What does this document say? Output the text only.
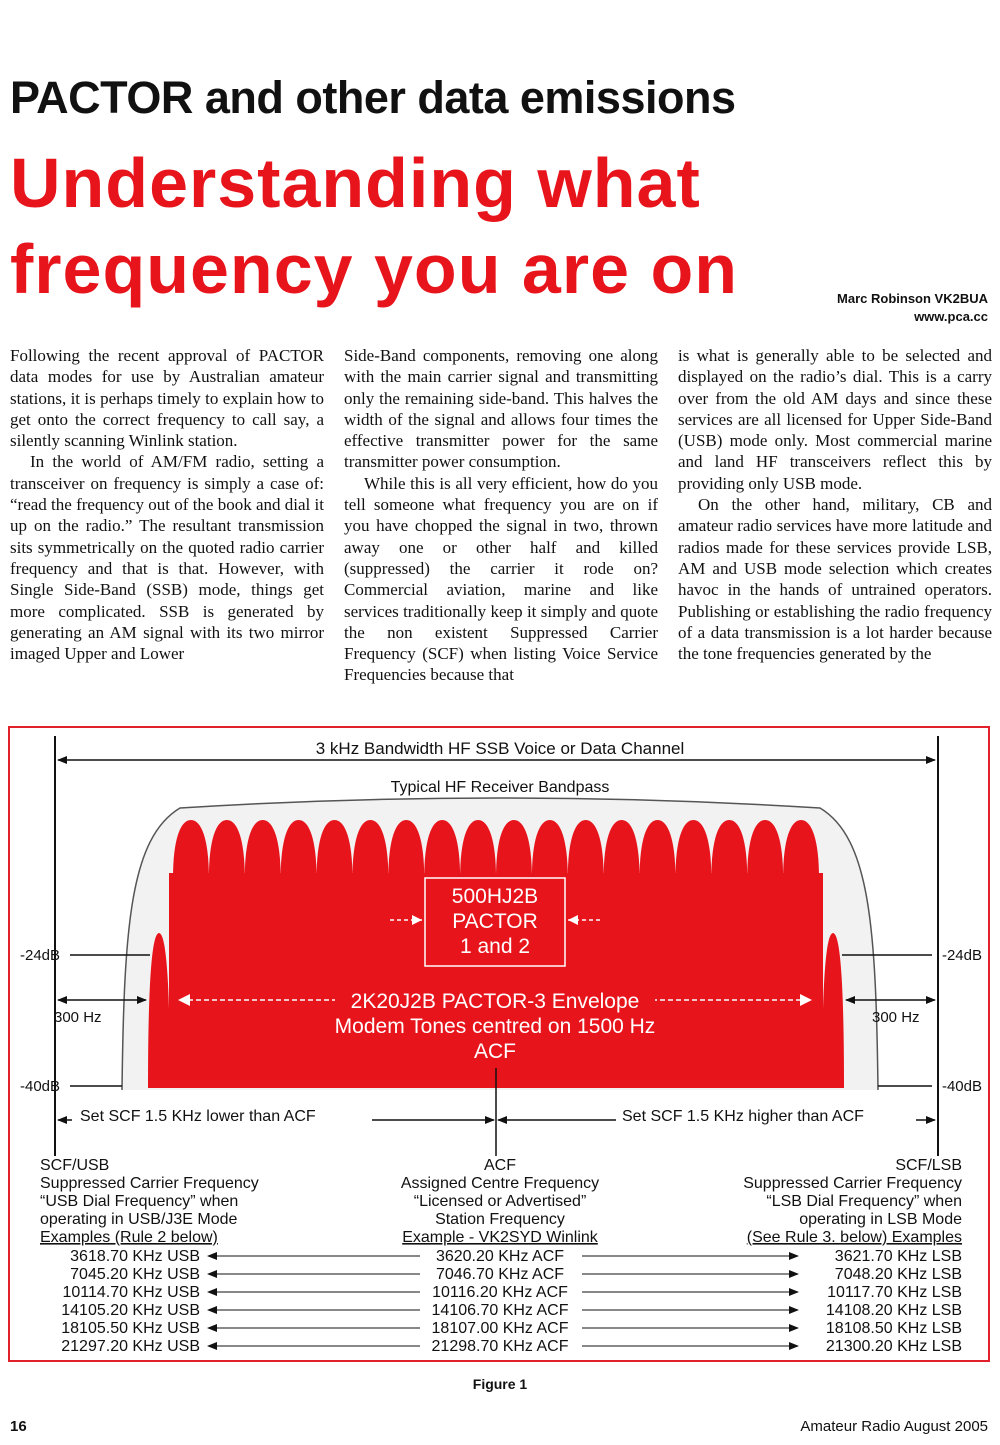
PACTOR and other data emissions
Understanding what
frequency you are on	Marc Robinson VK2BUA
www.pca.cc

Following the recent approval of PACTOR data modes for use by Australian amateur stations, it is perhaps timely to explain how to get onto the correct frequency to call say, a silently scanning Winlink station.

In the world of AM/FM radio, setting a transceiver on frequency is simply a case of: “read the frequency out of the book and dial it up on the radio.” The resultant transmission sits symmetrically on the quoted radio carrier frequency and that is that. However, with Single Side-Band (SSB) mode, things get more complicated. SSB is generated by generating an AM signal with its two mirror imaged Upper and Lower

Side-Band components, removing one along with the main carrier signal and transmitting only the remaining side-band. This halves the width of the signal and allows four times the effective transmitter power for the same transmitter power consumption.

While this is all very efficient, how do you tell someone what frequency you are on if you have chopped the signal in two, thrown away one or other half and killed (suppressed) the carrier it rode on? Commercial aviation, marine and like services traditionally keep it simply and quote the non existent Suppressed Carrier Frequency (SCF) when listing Voice Service Frequencies because that

is what is generally able to be selected and displayed on the radio’s dial. This is a carry over from the old AM days and since these services are all licensed for Upper Side-Band (USB) mode only. Most commercial marine and land HF transceivers reflect this by providing only USB mode.

On the other hand, military, CB and amateur radio services have more latitude and radios made for these services provide LSB, AM and USB mode selection which creates havoc in the hands of untrained operators. Publishing or establishing the radio frequency of a data transmission is a lot harder because the tone frequencies generated by the

3 kHz Bandwidth HF SSB Voice or Data Channel
Typical HF Receiver Bandpass
500HJ2B
PACTOR
1 and 2
2K20J2B PACTOR-3 Envelope
Modem Tones centred on 1500 Hz
ACF
-24dB	-24dB
-40dB	-40dB
300 Hz	300 Hz
Set SCF 1.5 KHz lower than ACF	Set SCF 1.5 KHz higher than ACF
SCF/USB
Suppressed Carrier Frequency
“USB Dial Frequency” when
operating in USB/J3E Mode
Examples (Rule 2 below)
ACF
Assigned Centre Frequency
“Licensed or Advertised”
Station Frequency
Example - VK2SYD Winlink
SCF/LSB
Suppressed Carrier Frequency
“LSB Dial Frequency” when
operating in LSB Mode
(See Rule 3. below) Examples
3618.70 KHz USB	3620.20 KHz ACF	3621.70 KHz LSB
7045.20 KHz USB	7046.70 KHz ACF	7048.20 KHz LSB
10114.70 KHz USB	10116.20 KHz ACF	10117.70 KHz LSB
14105.20 KHz USB	14106.70 KHz ACF	14108.20 KHz LSB
18105.50 KHz USB	18107.00 KHz ACF	18108.50 KHz LSB
21297.20 KHz USB	21298.70 KHz ACF	21300.20 KHz LSB
Figure 1
16	Amateur Radio August 2005
